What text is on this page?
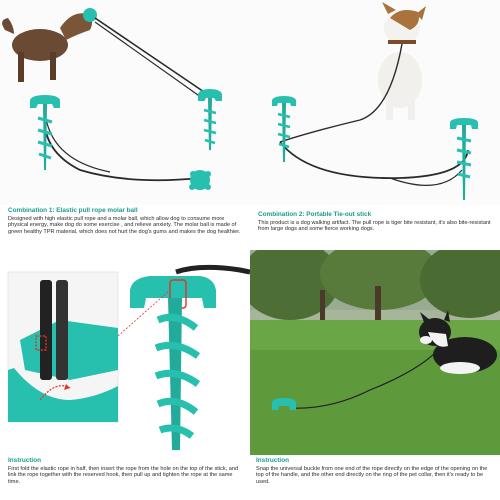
Combination 1: Elastic pull rope molar ball
Designed with high elastic pull rope and a molar ball, which allow dog to consume more physical energy, make dog do some exercise , and relieve anxiety. The molar ball is made of green healthy TPR material, which does not hurt the dog's gums and makes the dog healthier.
Combination 2: Portable Tie-out stick
This product is a dog walking artifact. The pull rope is tiger bite resistant, it's also bite-resistant from large dogs and some fierce working dogs.
Instruction
First fold the elastic rope in half, then insert the rope from the hole on the top of the stick, and link the rope together with the reserved hook, then pull up and tighten the rope at the same time.
Instruction
Snap the universal buckle from one end of the rope directly on the edge of the opening on the top of the handle, and the other end directly on the ring of the pet collar, then it's ready to be used.
